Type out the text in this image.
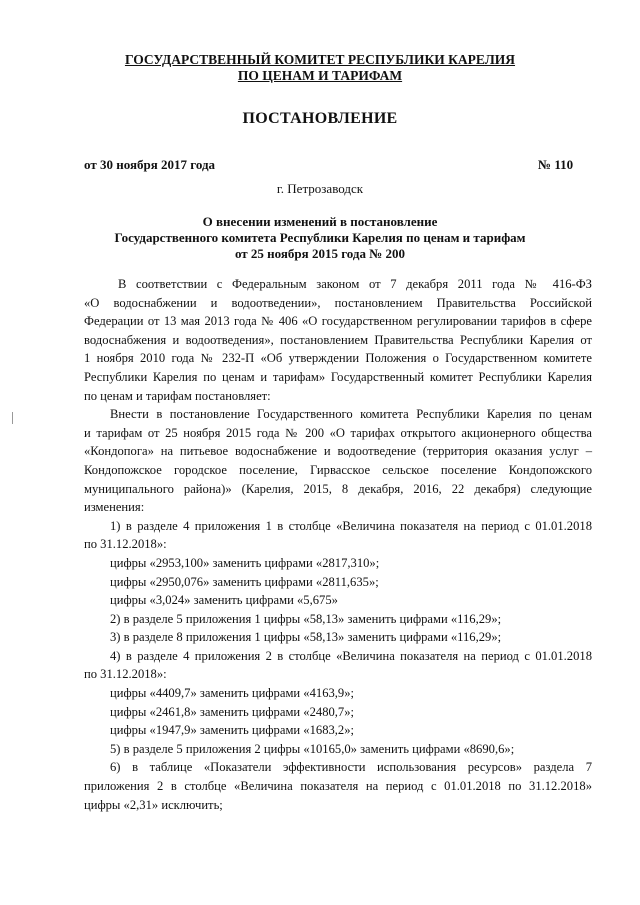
ГОСУДАРСТВЕННЫЙ КОМИТЕТ РЕСПУБЛИКИ КАРЕЛИЯ
ПО ЦЕНАМ И ТАРИФАМ
ПОСТАНОВЛЕНИЕ
от 30 ноября 2017 года	№ 110
г. Петрозаводск
О внесении изменений в постановление
Государственного комитета Республики Карелия по ценам и тарифам
от 25 ноября 2015 года № 200

В соответствии с Федеральным законом от 7 декабря 2011 года № 416-ФЗ

«О водоснабжении и водоотведении», постановлением Правительства Российской

Федерации от 13 мая 2013 года № 406 «О государственном регулировании тарифов в сфере

водоснабжения и водоотведения», постановлением Правительства Республики Карелия от

1 ноября 2010 года № 232-П «Об утверждении Положения о Государственном комитете

Республики Карелия по ценам и тарифам» Государственный комитет Республики Карелия

по ценам и тарифам постановляет:

Внести в постановление Государственного комитета Республики Карелия по ценам

и тарифам от 25 ноября 2015 года № 200 «О тарифах открытого акционерного общества

«Кондопога» на питьевое водоснабжение и водоотведение (территория оказания услуг –

Кондопожское городское поселение, Гирвасское сельское поселение Кондопожского

муниципального района)» (Карелия, 2015, 8 декабря, 2016, 22 декабря) следующие

изменения:

1) в разделе 4 приложения 1 в столбце «Величина показателя на период с 01.01.2018

по 31.12.2018»:

цифры «2953,100» заменить цифрами «2817,310»;

цифры «2950,076» заменить цифрами «2811,635»;

цифры «3,024» заменить цифрами «5,675»

2) в разделе 5 приложения 1 цифры «58,13» заменить цифрами «116,29»;

3) в разделе 8 приложения 1 цифры «58,13» заменить цифрами «116,29»;

4) в разделе 4 приложения 2 в столбце «Величина показателя на период с 01.01.2018

по 31.12.2018»:

цифры «4409,7» заменить цифрами «4163,9»;

цифры «2461,8» заменить цифрами «2480,7»;

цифры «1947,9» заменить цифрами «1683,2»;

5) в разделе 5 приложения 2 цифры «10165,0» заменить цифрами «8690,6»;

6) в таблице «Показатели эффективности использования ресурсов» раздела 7

приложения 2 в столбце «Величина показателя на период с 01.01.2018 по 31.12.2018»

цифры «2,31» исключить;
